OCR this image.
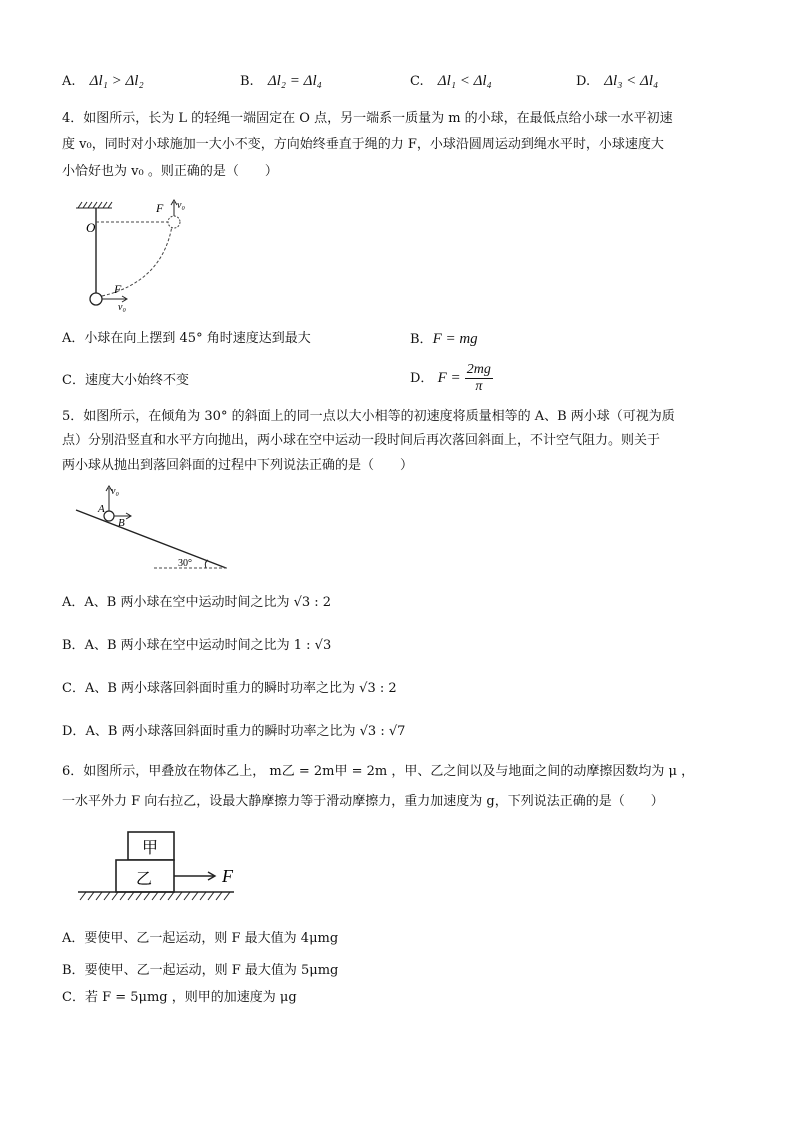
A. Δl₁ > Δl₂	B. Δl₂ = Δl₄	C. Δl₁ < Δl₄	D. Δl₃ < Δl₄
4．如图所示，长为 L 的轻绳一端固定在 O 点，另一端系一质量为 m 的小球，在最低点给小球一水平初速
度 v₀，同时对小球施加一大小不变，方向始终垂直于绳的力 F，小球沿圆周运动到绳水平时，小球速度大
小恰好也为 v₀ 。则正确的是（　　）
O
F v₀
F
v₀
A．小球在向上摆到 45° 角时速度达到最大	B．F = mg
C．速度大小始终不变	D． $F = \frac{2mg}{\pi}$
5．如图所示，在倾角为 30° 的斜面上的同一点以大小相等的初速度将质量相等的 A、B 两小球（可视为质
点）分别沿竖直和水平方向抛出，两小球在空中运动一段时间后再次落回斜面上，不计空气阻力。则关于
两小球从抛出到落回斜面的过程中下列说法正确的是（　　）
v₀
A
B
30°
A．A、B 两小球在空中运动时间之比为 √3 : 2
B．A、B 两小球在空中运动时间之比为 1 : √3
C．A、B 两小球落回斜面时重力的瞬时功率之比为 √3 : 2
D．A、B 两小球落回斜面时重力的瞬时功率之比为 √3 : √7
6．如图所示，甲叠放在物体乙上， m乙 = 2m甲 = 2m ，甲、乙之间以及与地面之间的动摩擦因数均为 μ ，
一水平外力 F 向右拉乙，设最大静摩擦力等于滑动摩擦力，重力加速度为 g，下列说法正确的是（　　）
甲
乙	F
A．要使甲、乙一起运动，则 F 最大值为 4μmg
B．要使甲、乙一起运动，则 F 最大值为 5μmg
C．若 F = 5μmg ，则甲的加速度为 μg
